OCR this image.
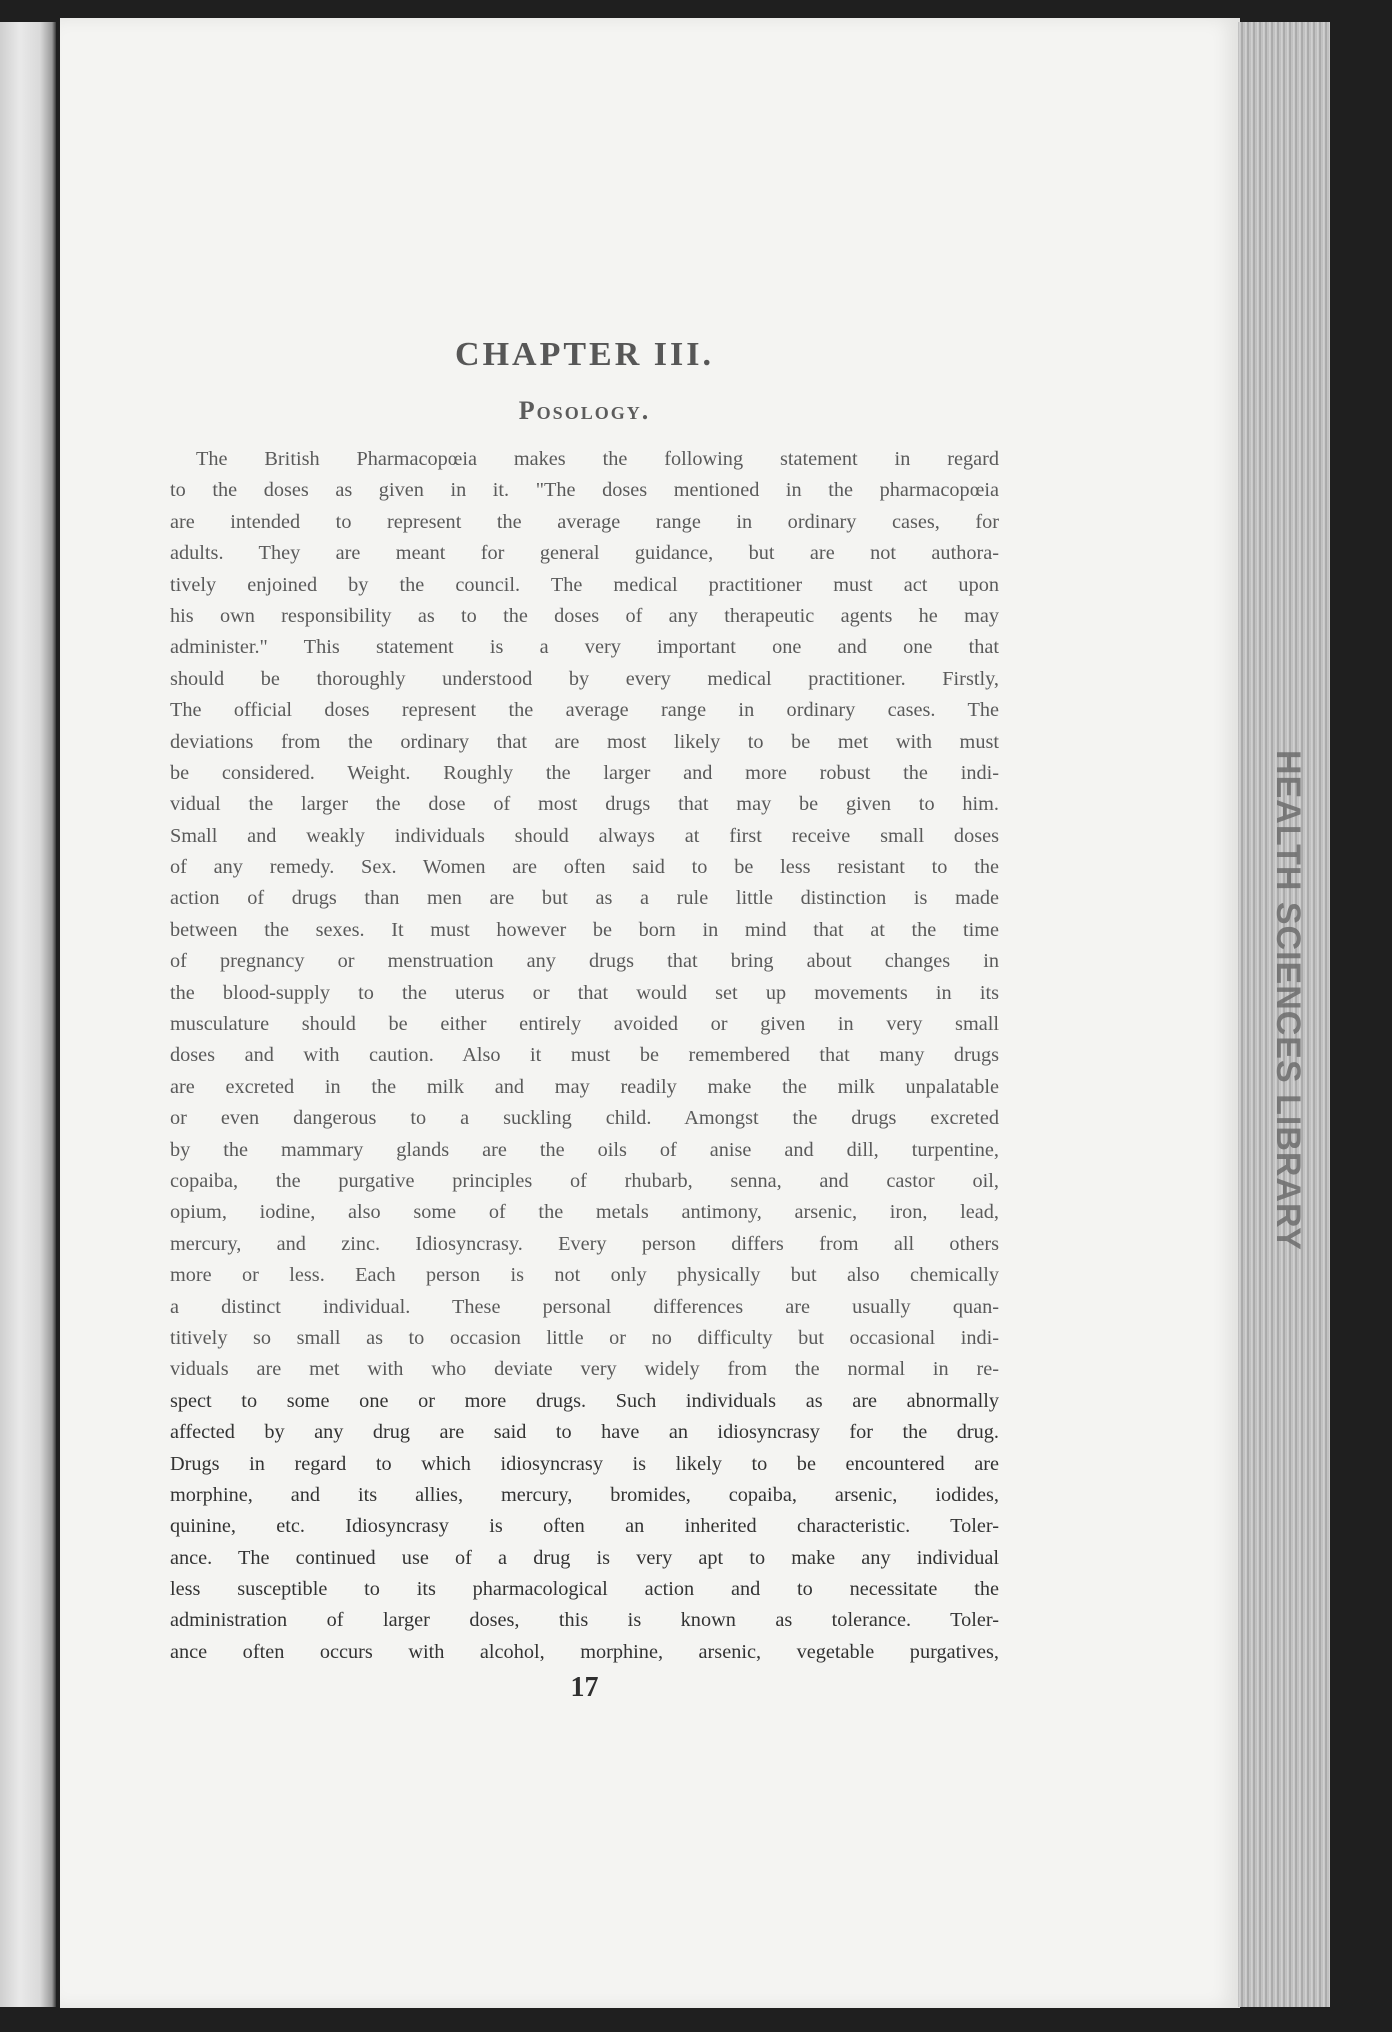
HEALTH SCIENCES LIBRARY
CHAPTER III.
Posology.
The British Pharmacopœia makes the following statement in regard
to the doses as given in it. "The doses mentioned in the pharmacopœia
are intended to represent the average range in ordinary cases, for
adults. They are meant for general guidance, but are not authora-
tively enjoined by the council. The medical practitioner must act upon
his own responsibility as to the doses of any therapeutic agents he may
administer." This statement is a very important one and one that
should be thoroughly understood by every medical practitioner. Firstly,
The official doses represent the average range in ordinary cases. The
deviations from the ordinary that are most likely to be met with must
be considered. Weight. Roughly the larger and more robust the indi-
vidual the larger the dose of most drugs that may be given to him.
Small and weakly individuals should always at first receive small doses
of any remedy. Sex. Women are often said to be less resistant to the
action of drugs than men are but as a rule little distinction is made
between the sexes. It must however be born in mind that at the time
of pregnancy or menstruation any drugs that bring about changes in
the blood-supply to the uterus or that would set up movements in its
musculature should be either entirely avoided or given in very small
doses and with caution. Also it must be remembered that many drugs
are excreted in the milk and may readily make the milk unpalatable
or even dangerous to a suckling child. Amongst the drugs excreted
by the mammary glands are the oils of anise and dill, turpentine,
copaiba, the purgative principles of rhubarb, senna, and castor oil,
opium, iodine, also some of the metals antimony, arsenic, iron, lead,
mercury, and zinc. Idiosyncrasy. Every person differs from all others
more or less. Each person is not only physically but also chemically
a distinct individual. These personal differences are usually quan-
titively so small as to occasion little or no difficulty but occasional indi-
viduals are met with who deviate very widely from the normal in re-
spect to some one or more drugs. Such individuals as are abnormally
affected by any drug are said to have an idiosyncrasy for the drug.
Drugs in regard to which idiosyncrasy is likely to be encountered are
morphine, and its allies, mercury, bromides, copaiba, arsenic, iodides,
quinine, etc. Idiosyncrasy is often an inherited characteristic. Toler-
ance. The continued use of a drug is very apt to make any individual
less susceptible to its pharmacological action and to necessitate the
administration of larger doses, this is known as tolerance. Toler-
ance often occurs with alcohol, morphine, arsenic, vegetable purgatives,
17
